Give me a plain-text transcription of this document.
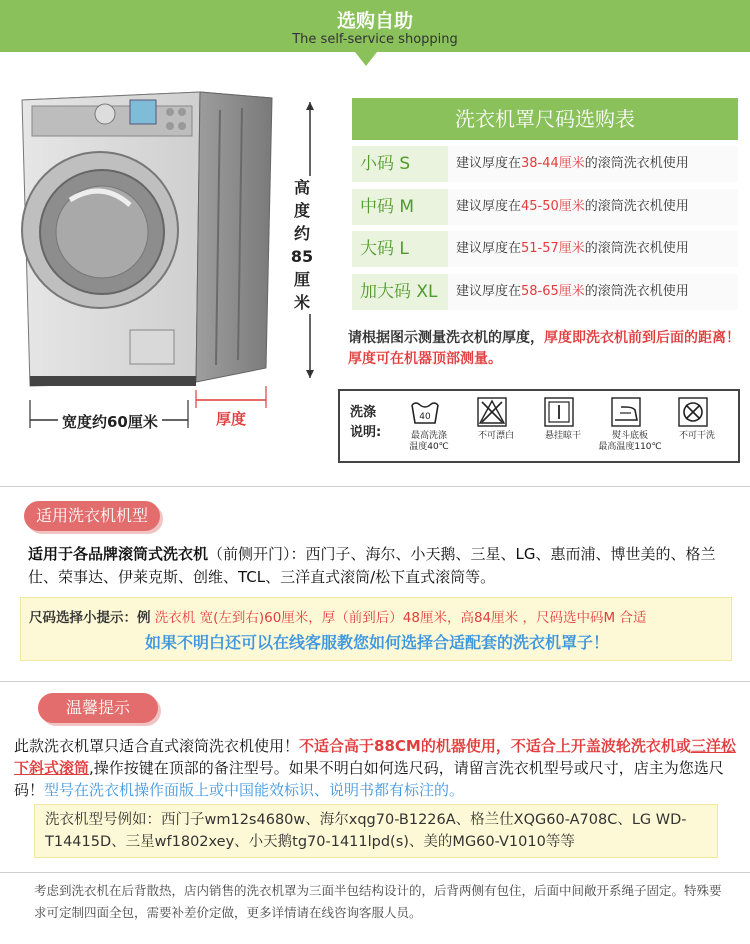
选购自助
The self-service shopping
高
度
约
85
厘
米
宽度约60厘米	厚度
洗衣机罩尺码选购表
小码 S	建议厚度在38-44厘米的滚筒洗衣机使用
中码 M	建议厚度在45-50厘米的滚筒洗衣机使用
大码 L	建议厚度在51-57厘米的滚筒洗衣机使用
加大码 XL	建议厚度在58-65厘米的滚筒洗衣机使用
请根据图示测量洗衣机的厚度，厚度即洗衣机前到后面的距离！厚度可在机器顶部测量。
洗涤
说明:
40
最高洗涤
温度40℃
不可漂白	悬挂晾干	熨斗底板
最高温度110℃
不可干洗
适用洗衣机机型
适用于各品牌滚筒式洗衣机（前侧开门）：西门子、海尔、小天鹅、三星、LG、惠而浦、博世美的、格兰仕、荣事达、伊莱克斯、创维、TCL、三洋直式滚筒/松下直式滚筒等。
尺码选择小提示：例 洗衣机 宽(左到右)60厘米，厚（前到后）48厘米，高84厘米 ，尺码选中码M 合适
如果不明白还可以在线客服教您如何选择合适配套的洗衣机罩子！
温馨提示
此款洗衣机罩只适合直式滚筒洗衣机使用！不适合高于88CM的机器使用，不适合上开盖波轮洗衣机或三洋松下斜式滚筒,操作按键在顶部的备注型号。如果不明白如何选尺码，请留言洗衣机型号或尺寸，店主为您选尺码！型号在洗衣机操作面版上或中国能效标识、说明书都有标注的。
洗衣机型号例如：西门子wm12s4680w、海尔xqg70-B1226A、格兰仕XQG60-A708C、LG WD-T14415D、三星wf1802xey、小天鹅tg70-1411lpd(s)、美的MG60-V1010等等
考虑到洗衣机在后背散热，店内销售的洗衣机罩为三面半包结构设计的，后背两侧有包住，后面中间敞开系绳子固定。特殊要求可定制四面全包，需要补差价定做，更多详情请在线咨询客服人员。
